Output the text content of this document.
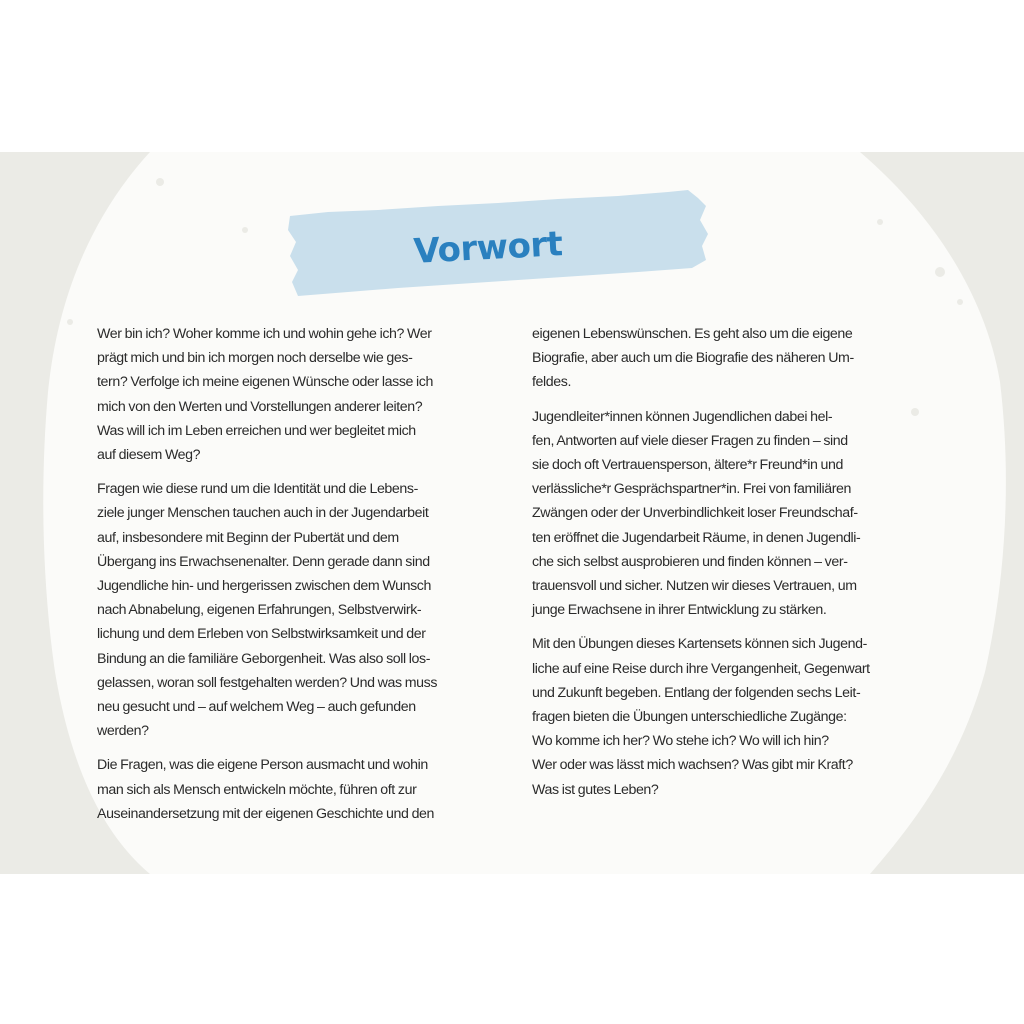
Vorwort

Wer bin ich? Woher komme ich und wohin gehe ich? Wer
prägt mich und bin ich morgen noch derselbe wie ges-
tern? Verfolge ich meine eigenen Wünsche oder lasse ich
mich von den Werten und Vorstellungen anderer leiten?
Was will ich im Leben erreichen und wer begleitet mich
auf diesem Weg?

Fragen wie diese rund um die Identität und die Lebens-
ziele junger Menschen tauchen auch in der Jugendarbeit
auf, insbesondere mit Beginn der Pubertät und dem
Übergang ins Erwachsenenalter. Denn gerade dann sind
Jugendliche hin- und hergerissen zwischen dem Wunsch
nach Abnabelung, eigenen Erfahrungen, Selbstverwirk-
lichung und dem Erleben von Selbstwirksamkeit und der
Bindung an die familiäre Geborgenheit. Was also soll los-
gelassen, woran soll festgehalten werden? Und was muss
neu gesucht und – auf welchem Weg – auch gefunden
werden?

Die Fragen, was die eigene Person ausmacht und wohin
man sich als Mensch entwickeln möchte, führen oft zur
Auseinandersetzung mit der eigenen Geschichte und den

eigenen Lebenswünschen. Es geht also um die eigene
Biografie, aber auch um die Biografie des näheren Um-
feldes.

Jugendleiter*innen können Jugendlichen dabei hel-
fen, Antworten auf viele dieser Fragen zu finden – sind
sie doch oft Vertrauensperson, ältere*r Freund*in und
verlässliche*r Gesprächspartner*in. Frei von familiären
Zwängen oder der Unverbindlichkeit loser Freundschaf-
ten eröffnet die Jugendarbeit Räume, in denen Jugendli-
che sich selbst ausprobieren und finden können – ver-
trauensvoll und sicher. Nutzen wir dieses Vertrauen, um
junge Erwachsene in ihrer Entwicklung zu stärken.

Mit den Übungen dieses Kartensets können sich Jugend-
liche auf eine Reise durch ihre Vergangenheit, Gegenwart
und Zukunft begeben. Entlang der folgenden sechs Leit-
fragen bieten die Übungen unterschiedliche Zugänge:
Wo komme ich her? Wo stehe ich? Wo will ich hin?
Wer oder was lässt mich wachsen? Was gibt mir Kraft?
Was ist gutes Leben?
